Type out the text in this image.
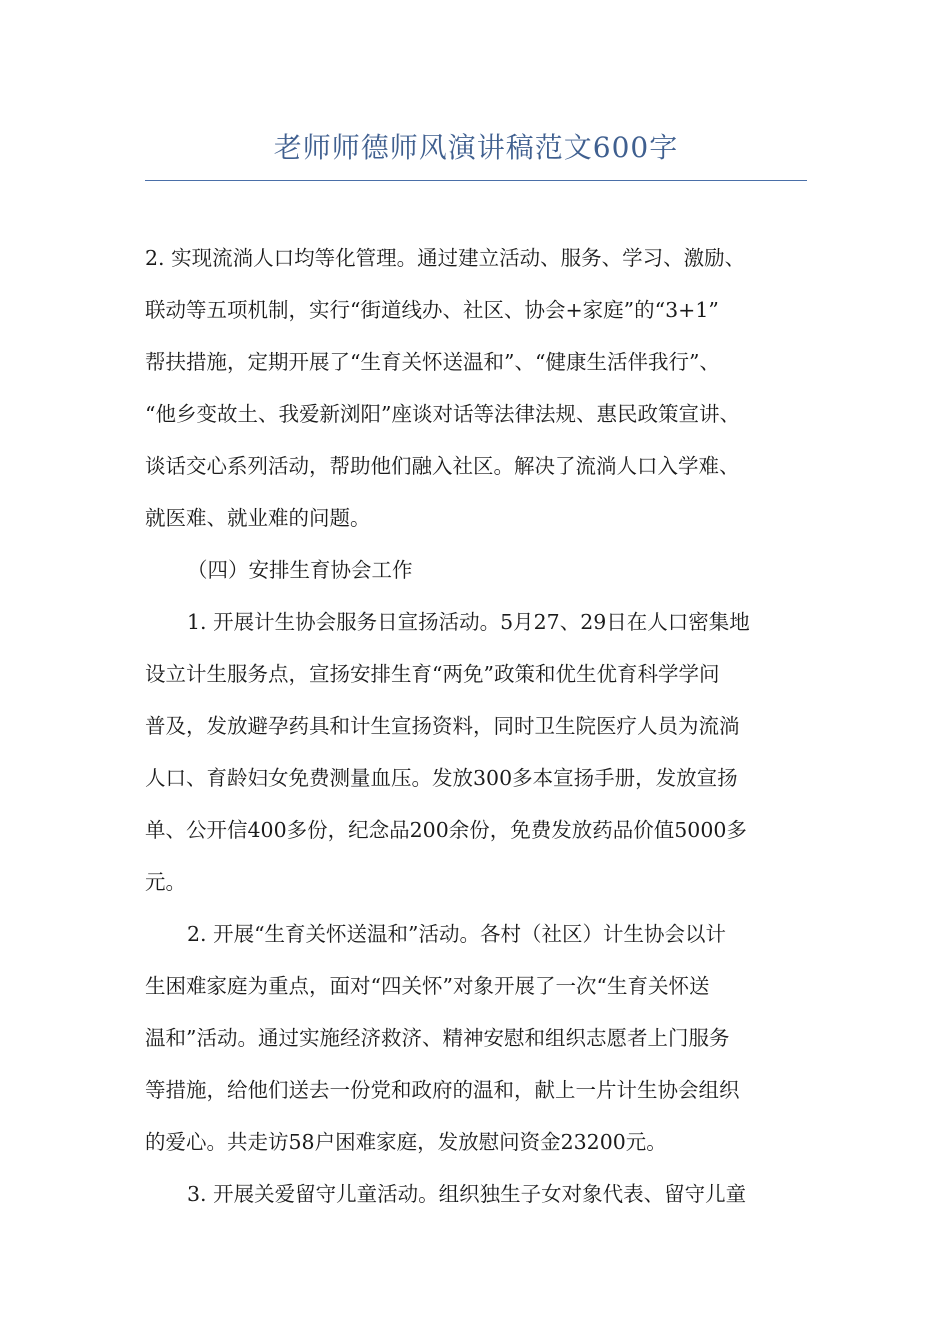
老师师德师风演讲稿范文600字

2. 实现流淌人口均等化管理。通过建立活动、服务、学习、激励、
联动等五项机制，实行“街道线办、社区、协会+家庭”的“3+1”
帮扶措施，定期开展了“生育关怀送温和”、“健康生活伴我行”、
“他乡变故土、我爱新浏阳”座谈对话等法律法规、惠民政策宣讲、
谈话交心系列活动，帮助他们融入社区。解决了流淌人口入学难、
就医难、就业难的问题。

（四）安排生育协会工作

1. 开展计生协会服务日宣扬活动。5月27、29日在人口密集地
设立计生服务点，宣扬安排生育“两免”政策和优生优育科学学问
普及，发放避孕药具和计生宣扬资料，同时卫生院医疗人员为流淌
人口、育龄妇女免费测量血压。发放300多本宣扬手册，发放宣扬
单、公开信400多份，纪念品200余份，免费发放药品价值5000多
元。

2. 开展“生育关怀送温和”活动。各村（社区）计生协会以计
生困难家庭为重点，面对“四关怀”对象开展了一次“生育关怀送
温和”活动。通过实施经济救济、精神安慰和组织志愿者上门服务
等措施，给他们送去一份党和政府的温和，献上一片计生协会组织
的爱心。共走访58户困难家庭，发放慰问资金23200元。

3. 开展关爱留守儿童活动。组织独生子女对象代表、留守儿童
